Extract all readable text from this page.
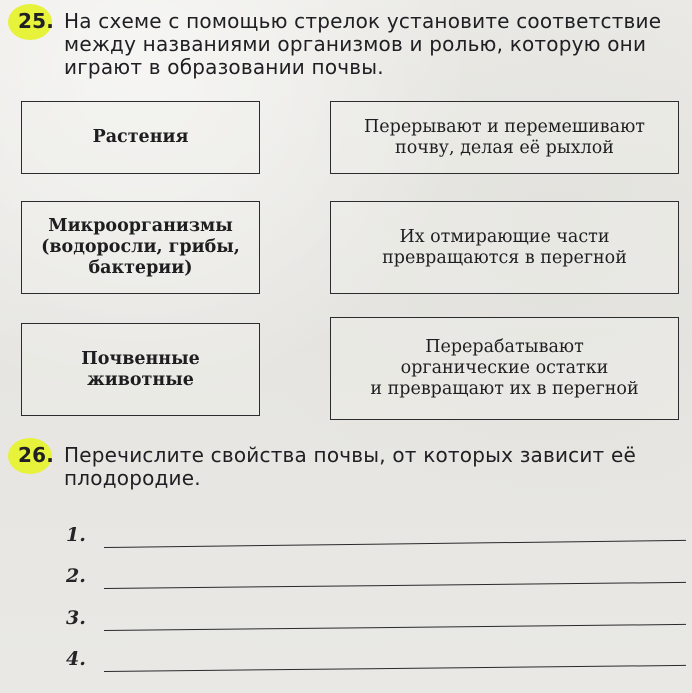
25. На схеме с помощью стрелок установите соответствие между названиями организмов и ролью, которую они играют в образовании почвы.
Растения
Микроорганизмы
(водоросли, грибы,
бактерии)
Почвенные
животные
Перерывают и перемешивают
почву, делая её рыхлой
Их отмирающие части
превращаются в перегной
Перерабатывают
органические остатки
и превращают их в перегной
26. Перечислите свойства почвы, от которых зависит её плодородие.
1.
2.
3.
4.
